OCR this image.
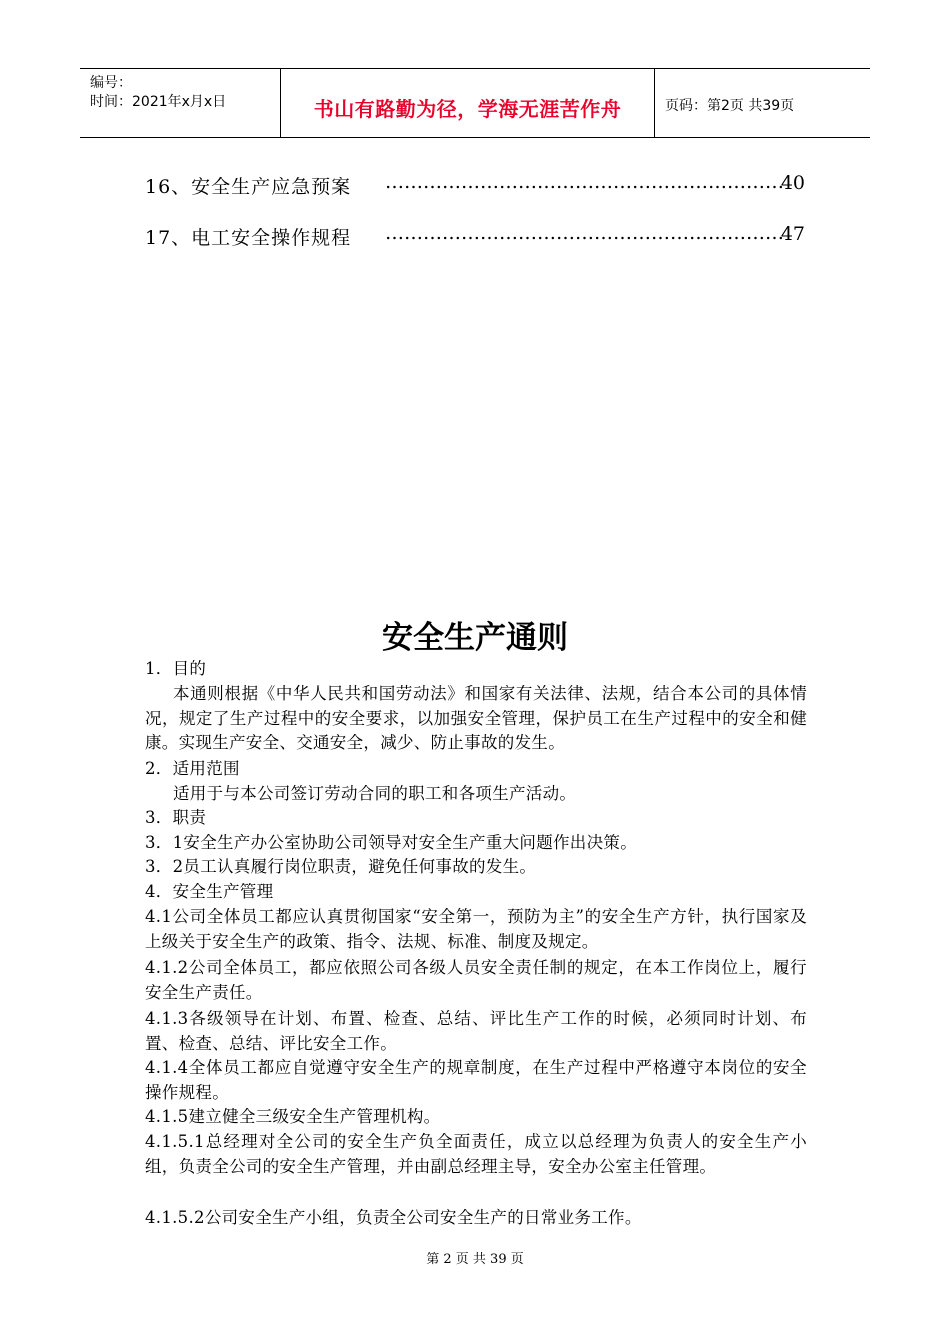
编号：
时间：2021年x月x日	书山有路勤为径，学海无涯苦作舟	页码：第2页 共39页
16、安全生产应急预案 ………………………………………………………
40
17、电工安全操作规程 ………………………………………………………
47
安全生产通则
1．目的
本通则根据《中华人民共和国劳动法》和国家有关法律、法规，结合本公司的具体情况，规定了生产过程中的安全要求，以加强安全管理，保护员工在生产过程中的安全和健康。实现生产安全、交通安全，减少、防止事故的发生。
2．适用范围
适用于与本公司签订劳动合同的职工和各项生产活动。
3．职责
3．1安全生产办公室协助公司领导对安全生产重大问题作出决策。
3．2员工认真履行岗位职责，避免任何事故的发生。
4．安全生产管理
4.1公司全体员工都应认真贯彻国家“安全第一，预防为主”的安全生产方针，执行国家及上级关于安全生产的政策、指令、法规、标准、制度及规定。
4.1.2公司全体员工，都应依照公司各级人员安全责任制的规定，在本工作岗位上，履行安全生产责任。
4.1.3各级领导在计划、布置、检查、总结、评比生产工作的时候，必须同时计划、布置、检查、总结、评比安全工作。
4.1.4全体员工都应自觉遵守安全生产的规章制度，在生产过程中严格遵守本岗位的安全操作规程。
4.1.5建立健全三级安全生产管理机构。
4.1.5.1总经理对全公司的安全生产负全面责任，成立以总经理为负责人的安全生产小组，负责全公司的安全生产管理，并由副总经理主导，安全办公室主任管理。
4.1.5.2公司安全生产小组，负责全公司安全生产的日常业务工作。
第 2 页 共 39 页
